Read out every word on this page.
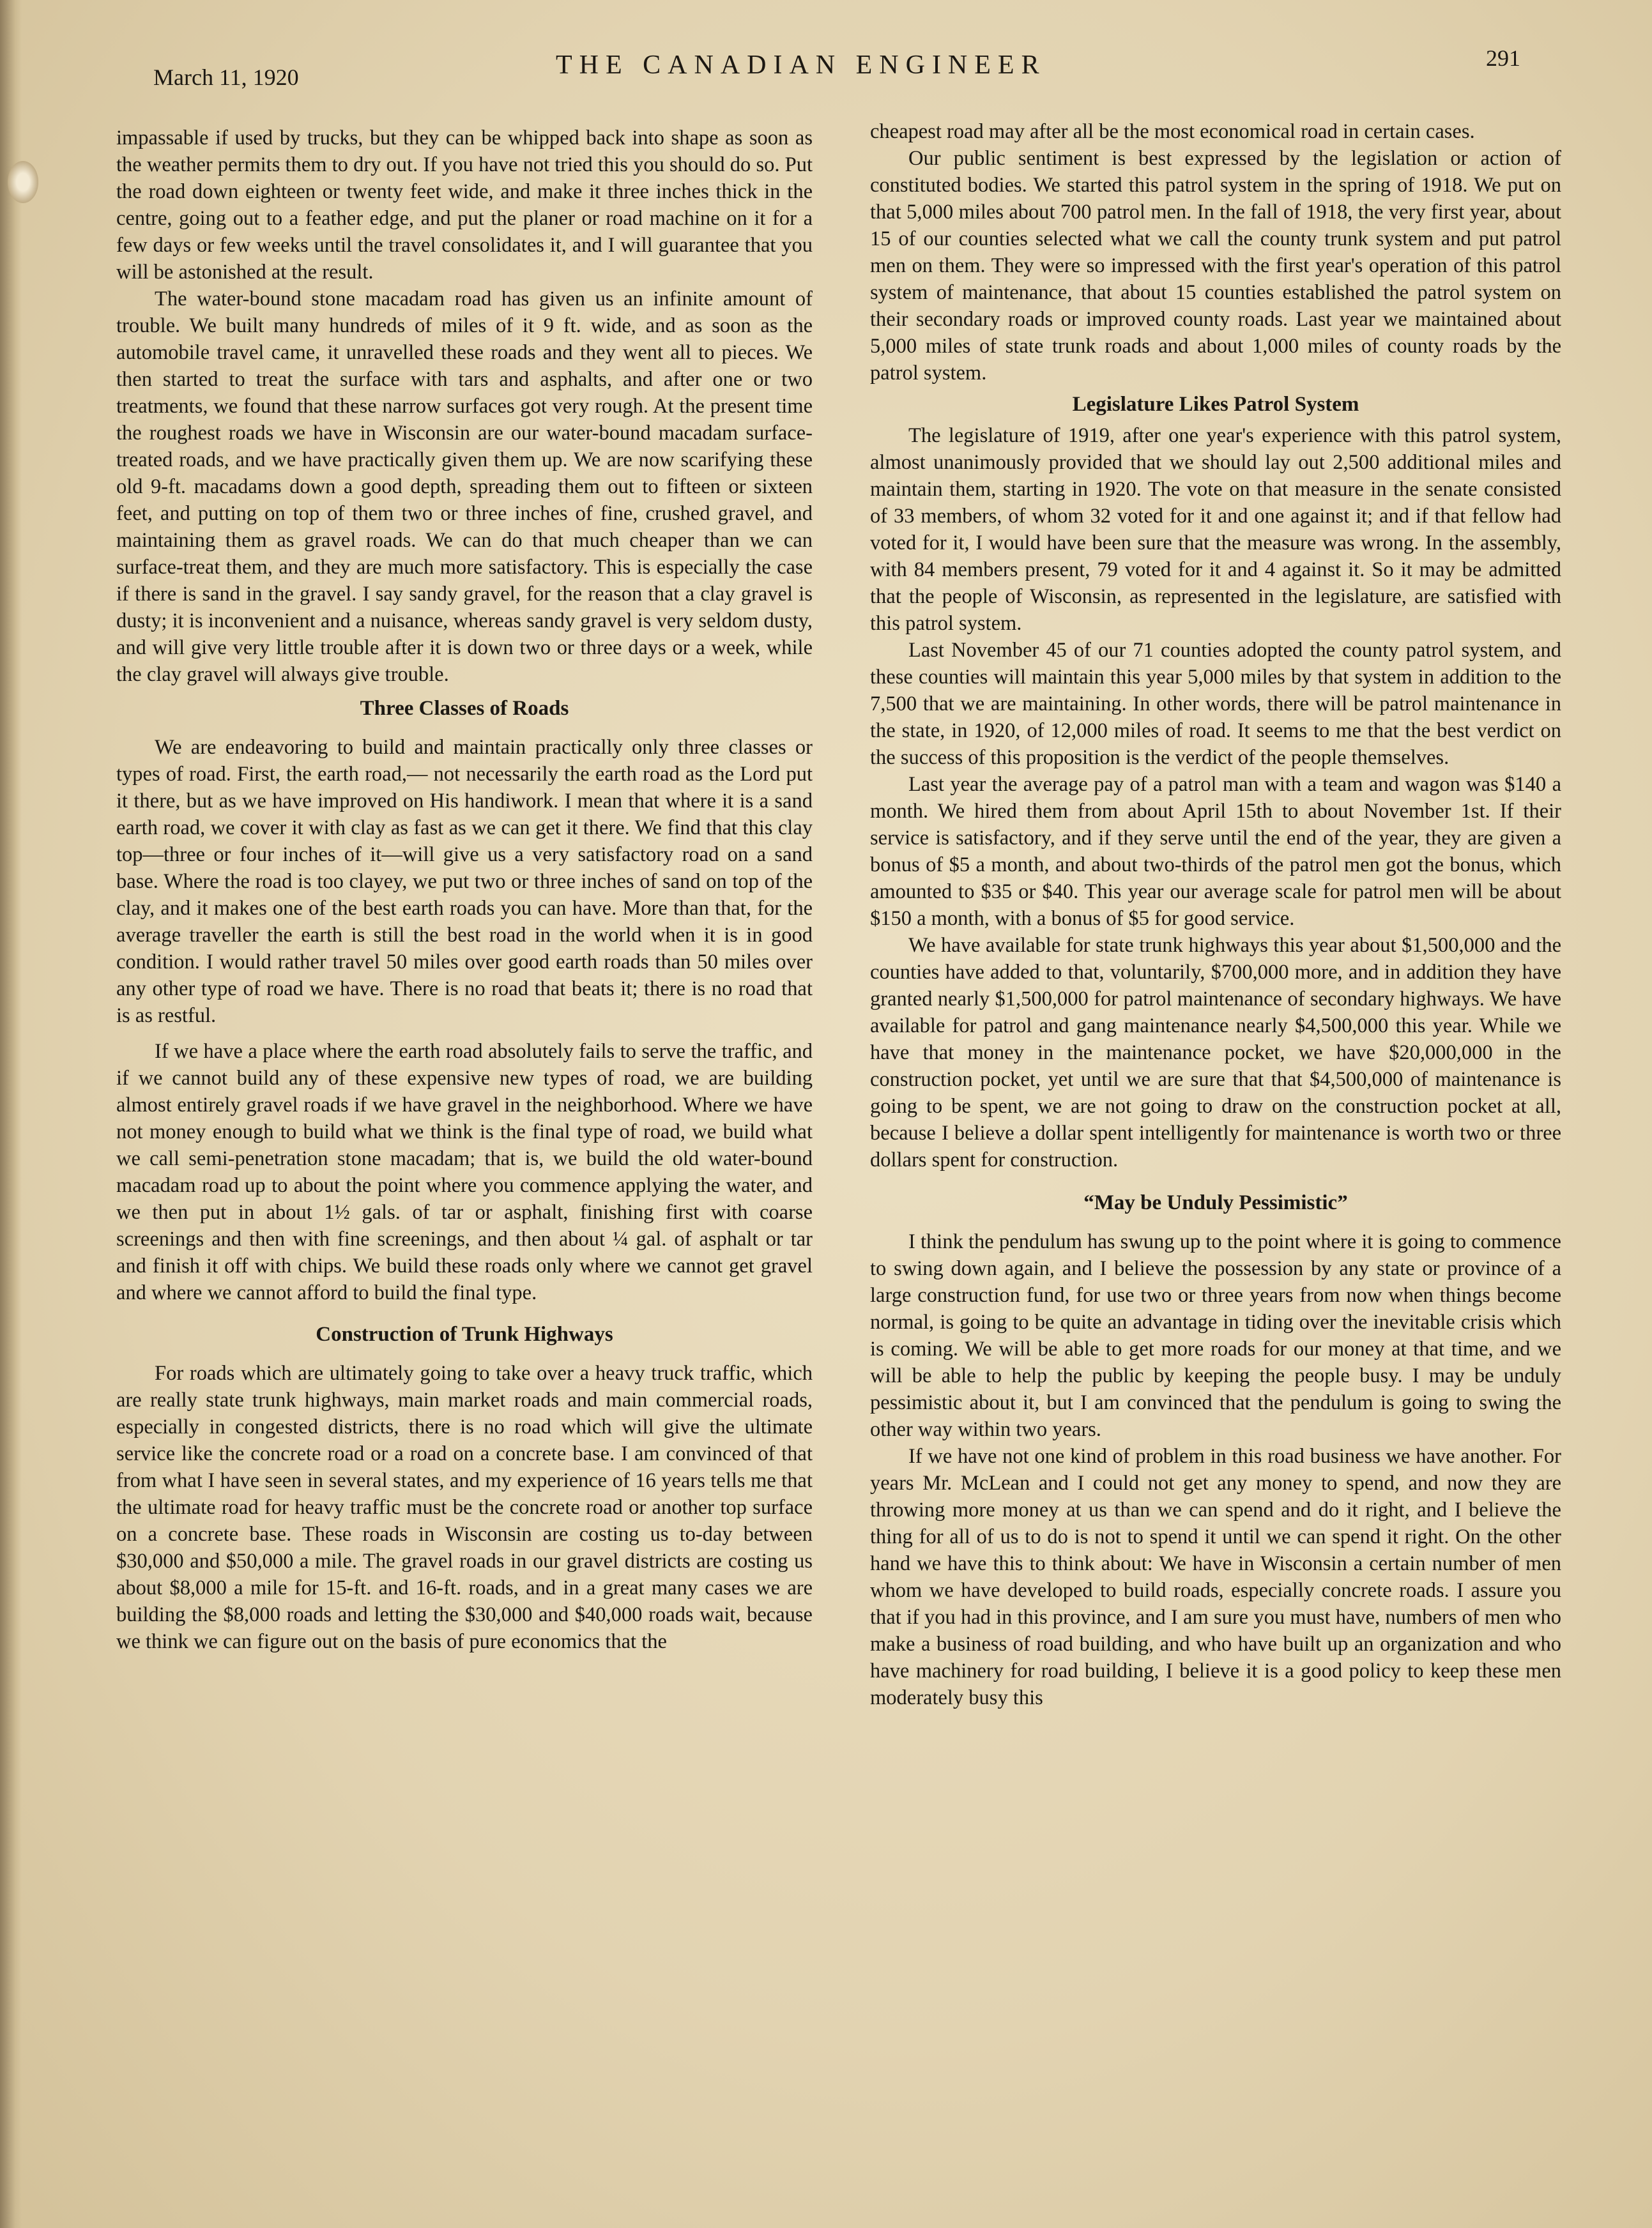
March 11, 1920	THE CANADIAN ENGINEER	291

impassable if used by trucks, but they can be whipped back into shape as soon as the weather permits them to dry out. If you have not tried this you should do so. Put the road down eighteen or twenty feet wide, and make it three inches thick in the centre, going out to a feather edge, and put the planer or road machine on it for a few days or few weeks until the travel consolidates it, and I will guarantee that you will be astonished at the result.

The water-bound stone macadam road has given us an infinite amount of trouble. We built many hundreds of miles of it 9 ft. wide, and as soon as the automobile travel came, it unravelled these roads and they went all to pieces. We then started to treat the surface with tars and asphalts, and after one or two treatments, we found that these narrow surfaces got very rough. At the present time the roughest roads we have in Wisconsin are our water-bound macadam surface-treated roads, and we have practically given them up. We are now scarifying these old 9-ft. macadams down a good depth, spreading them out to fifteen or sixteen feet, and putting on top of them two or three inches of fine, crushed gravel, and maintaining them as gravel roads. We can do that much cheaper than we can surface-treat them, and they are much more satisfactory. This is especially the case if there is sand in the gravel. I say sandy gravel, for the reason that a clay gravel is dusty; it is inconvenient and a nuisance, whereas sandy gravel is very seldom dusty, and will give very little trouble after it is down two or three days or a week, while the clay gravel will always give trouble.

Three Classes of Roads

We are endeavoring to build and maintain practically only three classes or types of road. First, the earth road,— not necessarily the earth road as the Lord put it there, but as we have improved on His handiwork. I mean that where it is a sand earth road, we cover it with clay as fast as we can get it there. We find that this clay top—three or four inches of it—will give us a very satisfactory road on a sand base. Where the road is too clayey, we put two or three inches of sand on top of the clay, and it makes one of the best earth roads you can have. More than that, for the average traveller the earth is still the best road in the world when it is in good condition. I would rather travel 50 miles over good earth roads than 50 miles over any other type of road we have. There is no road that beats it; there is no road that is as restful.

If we have a place where the earth road absolutely fails to serve the traffic, and if we cannot build any of these expensive new types of road, we are building almost entirely gravel roads if we have gravel in the neighborhood. Where we have not money enough to build what we think is the final type of road, we build what we call semi-penetration stone macadam; that is, we build the old water-bound macadam road up to about the point where you commence applying the water, and we then put in about 1½ gals. of tar or asphalt, finishing first with coarse screenings and then with fine screenings, and then about ¼ gal. of asphalt or tar and finish it off with chips. We build these roads only where we cannot get gravel and where we cannot afford to build the final type.

Construction of Trunk Highways

For roads which are ultimately going to take over a heavy truck traffic, which are really state trunk highways, main market roads and main commercial roads, especially in congested districts, there is no road which will give the ultimate service like the concrete road or a road on a concrete base. I am convinced of that from what I have seen in several states, and my experience of 16 years tells me that the ultimate road for heavy traffic must be the concrete road or another top surface on a concrete base. These roads in Wisconsin are costing us to-day between $30,000 and $50,000 a mile. The gravel roads in our gravel districts are costing us about $8,000 a mile for 15-ft. and 16-ft. roads, and in a great many cases we are building the $8,000 roads and letting the $30,000 and $40,000 roads wait, because we think we can figure out on the basis of pure economics that the

cheapest road may after all be the most economical road in certain cases.

Our public sentiment is best expressed by the legislation or action of constituted bodies. We started this patrol system in the spring of 1918. We put on that 5,000 miles about 700 patrol men. In the fall of 1918, the very first year, about 15 of our counties selected what we call the county trunk system and put patrol men on them. They were so impressed with the first year's operation of this patrol system of maintenance, that about 15 counties established the patrol system on their secondary roads or improved county roads. Last year we maintained about 5,000 miles of state trunk roads and about 1,000 miles of county roads by the patrol system.

Legislature Likes Patrol System

The legislature of 1919, after one year's experience with this patrol system, almost unanimously provided that we should lay out 2,500 additional miles and maintain them, starting in 1920. The vote on that measure in the senate consisted of 33 members, of whom 32 voted for it and one against it; and if that fellow had voted for it, I would have been sure that the measure was wrong. In the assembly, with 84 members present, 79 voted for it and 4 against it. So it may be admitted that the people of Wisconsin, as represented in the legislature, are satisfied with this patrol system.

Last November 45 of our 71 counties adopted the county patrol system, and these counties will maintain this year 5,000 miles by that system in addition to the 7,500 that we are maintaining. In other words, there will be patrol maintenance in the state, in 1920, of 12,000 miles of road. It seems to me that the best verdict on the success of this proposition is the verdict of the people themselves.

Last year the average pay of a patrol man with a team and wagon was $140 a month. We hired them from about April 15th to about November 1st. If their service is satisfactory, and if they serve until the end of the year, they are given a bonus of $5 a month, and about two-thirds of the patrol men got the bonus, which amounted to $35 or $40. This year our average scale for patrol men will be about $150 a month, with a bonus of $5 for good service.

We have available for state trunk highways this year about $1,500,000 and the counties have added to that, voluntarily, $700,000 more, and in addition they have granted nearly $1,500,000 for patrol maintenance of secondary highways. We have available for patrol and gang maintenance nearly $4,500,000 this year. While we have that money in the maintenance pocket, we have $20,000,000 in the construction pocket, yet until we are sure that that $4,500,000 of maintenance is going to be spent, we are not going to draw on the construction pocket at all, because I believe a dollar spent intelligently for maintenance is worth two or three dollars spent for construction.

“May be Unduly Pessimistic”

I think the pendulum has swung up to the point where it is going to commence to swing down again, and I believe the possession by any state or province of a large construction fund, for use two or three years from now when things become normal, is going to be quite an advantage in tiding over the inevitable crisis which is coming. We will be able to get more roads for our money at that time, and we will be able to help the public by keeping the people busy. I may be unduly pessimistic about it, but I am convinced that the pendulum is going to swing the other way within two years.

If we have not one kind of problem in this road business we have another. For years Mr. McLean and I could not get any money to spend, and now they are throwing more money at us than we can spend and do it right, and I believe the thing for all of us to do is not to spend it until we can spend it right. On the other hand we have this to think about: We have in Wisconsin a certain number of men whom we have developed to build roads, especially concrete roads. I assure you that if you had in this province, and I am sure you must have, numbers of men who make a business of road building, and who have built up an organization and who have machinery for road building, I believe it is a good policy to keep these men moderately busy this
